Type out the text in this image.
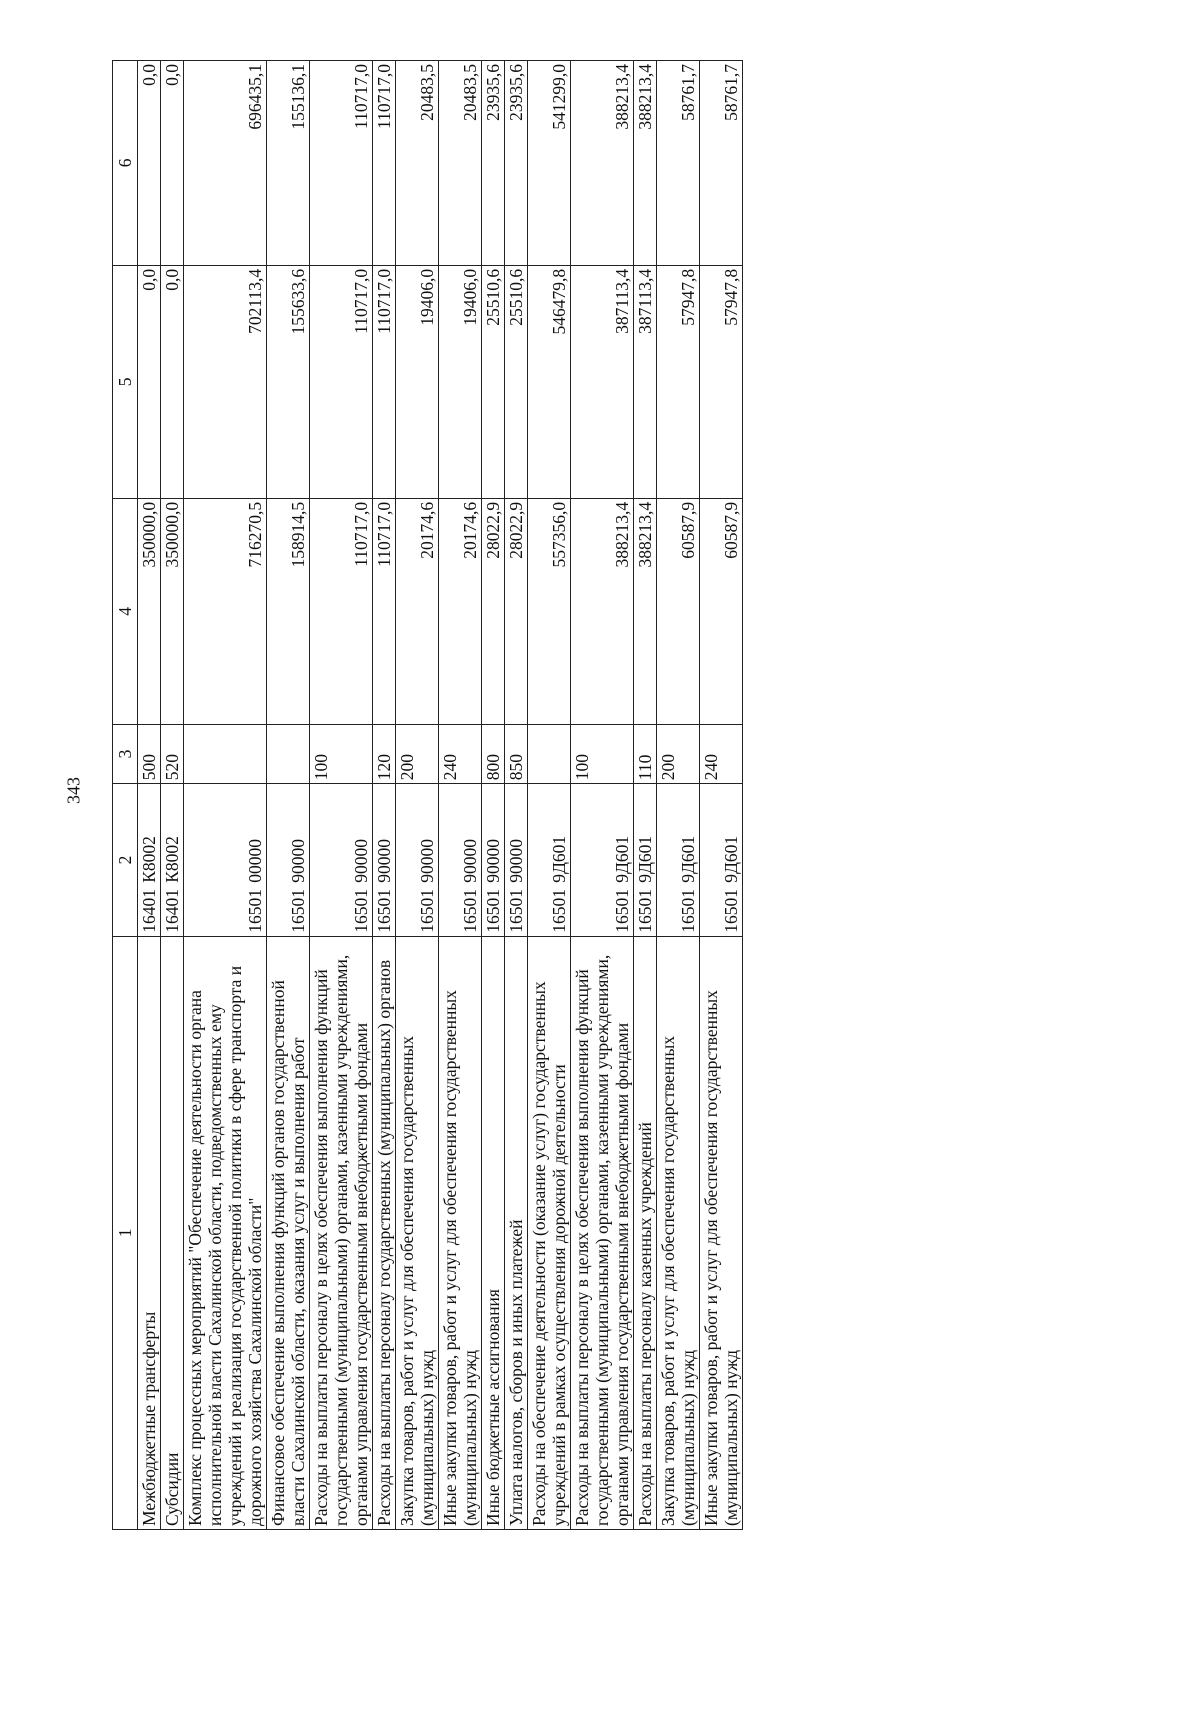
343
1	2	3	4	5	6
Межбюджетные трансферты	16401К8002	500	350000,0	0,0	0,0
Субсидии	16401К8002	520	350000,0	0,0	0,0
Комплекс процессных мероприятий "Обеспечение деятельности органа исполнительной власти Сахалинской области, подведомственных ему учреждений и реализация государственной политики в сфере транспорта и дорожного хозяйства Сахалинской области"	1650100000		716270,5	702113,4	696435,1
Финансовое обеспечение выполнения функций органов государственной власти Сахалинской области, оказания услуг и выполнения работ	1650190000		158914,5	155633,6	155136,1
Расходы на выплаты персоналу в целях обеспечения выполнения функций государственными (муниципальными) органами, казенными учреждениями, органами управления государственными внебюджетными фондами	1650190000	100	110717,0	110717,0	110717,0
Расходы на выплаты персоналу государственных (муниципальных) органов	1650190000	120	110717,0	110717,0	110717,0
Закупка товаров, работ и услуг для обеспечения государственных (муниципальных) нужд	1650190000	200	20174,6	19406,0	20483,5
Иные закупки товаров, работ и услуг для обеспечения государственных (муниципальных) нужд	1650190000	240	20174,6	19406,0	20483,5
Иные бюджетные ассигнования	1650190000	800	28022,9	25510,6	23935,6
Уплата налогов, сборов и иных платежей	1650190000	850	28022,9	25510,6	23935,6
Расходы на обеспечение деятельности (оказание услуг) государственных учреждений в рамках осуществления дорожной деятельности	165019Д601		557356,0	546479,8	541299,0
Расходы на выплаты персоналу в целях обеспечения выполнения функций государственными (муниципальными) органами, казенными учреждениями, органами управления государственными внебюджетными фондами	165019Д601	100	388213,4	387113,4	388213,4
Расходы на выплаты персоналу казенных учреждений	165019Д601	110	388213,4	387113,4	388213,4
Закупка товаров, работ и услуг для обеспечения государственных (муниципальных) нужд	165019Д601	200	60587,9	57947,8	58761,7
Иные закупки товаров, работ и услуг для обеспечения государственных (муниципальных) нужд	165019Д601	240	60587,9	57947,8	58761,7
